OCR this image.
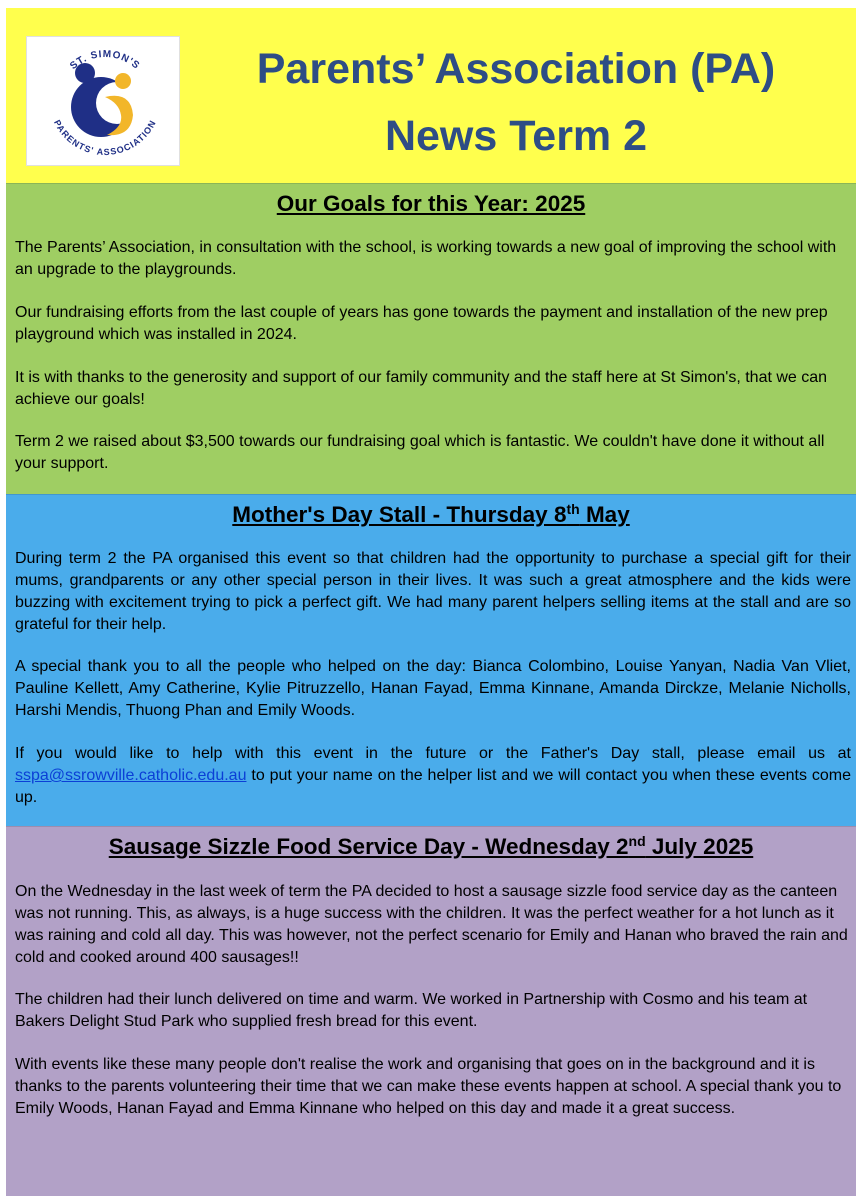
ST. SIMON'S
PARENTS' ASSOCIATION
Parents’ Association (PA)
News Term 2
Our Goals for this Year: 2025

The Parents’ Association, in consultation with the school, is working towards a new goal of improving the school with an upgrade to the playgrounds.

Our fundraising efforts from the last couple of years has gone towards the payment and installation of the new prep playground which was installed in 2024.

It is with thanks to the generosity and support of our family community and the staff here at St Simon's, that we can achieve our goals!

Term 2 we raised about $3,500 towards our fundraising goal which is fantastic. We couldn't have done it without all your support.

Mother's Day Stall - Thursday 8th May

During term 2 the PA organised this event so that children had the opportunity to purchase a special gift for their mums, grandparents or any other special person in their lives. It was such a great atmosphere and the kids were buzzing with excitement trying to pick a perfect gift. We had many parent helpers selling items at the stall and are so grateful for their help.

A special thank you to all the people who helped on the day: Bianca Colombino, Louise Yanyan, Nadia Van Vliet, Pauline Kellett, Amy Catherine, Kylie Pitruzzello, Hanan Fayad, Emma Kinnane, Amanda Dirckze, Melanie Nicholls, Harshi Mendis, Thuong Phan and Emily Woods.

If you would like to help with this event in the future or the Father's Day stall, please email us at sspa@ssrowville.catholic.edu.au to put your name on the helper list and we will contact you when these events come up.

Sausage Sizzle Food Service Day - Wednesday 2nd July 2025

On the Wednesday in the last week of term the PA decided to host a sausage sizzle food service day as the canteen was not running. This, as always, is a huge success with the children. It was the perfect weather for a hot lunch as it was raining and cold all day. This was however, not the perfect scenario for Emily and Hanan who braved the rain and cold and cooked around 400 sausages!!

The children had their lunch delivered on time and warm. We worked in Partnership with Cosmo and his team at Bakers Delight Stud Park who supplied fresh bread for this event.

With events like these many people don't realise the work and organising that goes on in the background and it is thanks to the parents volunteering their time that we can make these events happen at school. A special thank you to Emily Woods, Hanan Fayad and Emma Kinnane who helped on this day and made it a great success.
